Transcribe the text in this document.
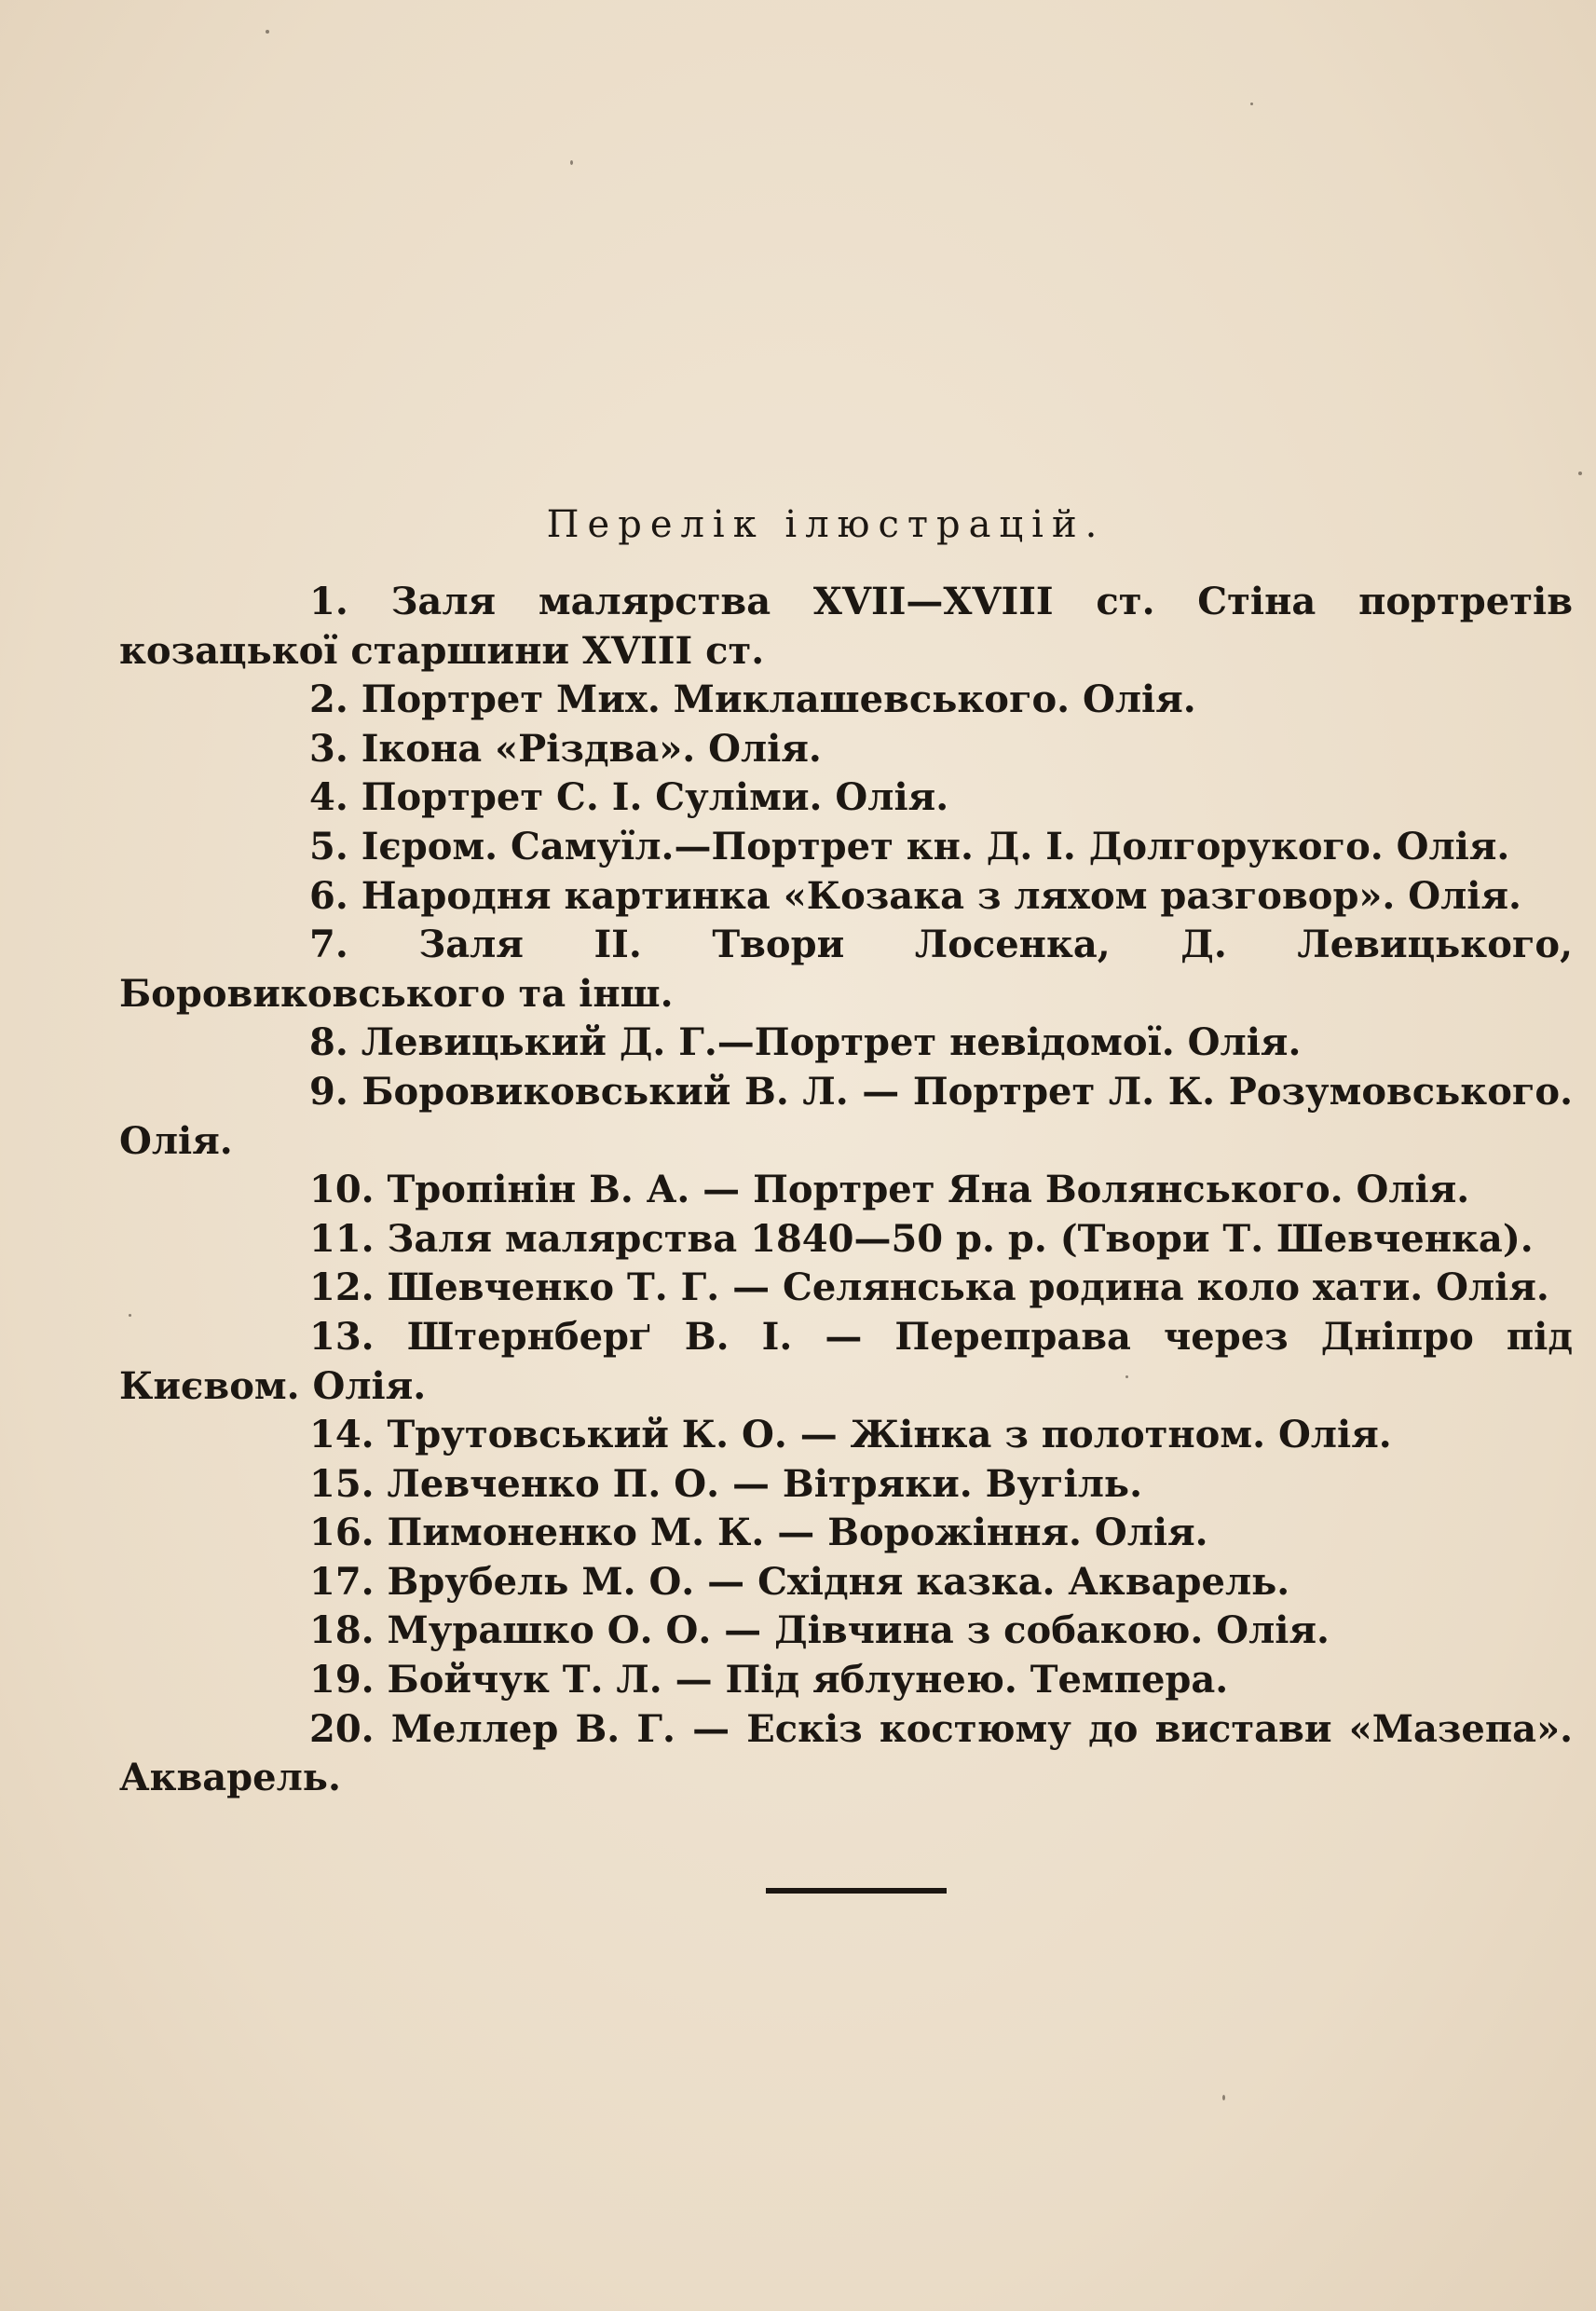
Перелік ілюстрацій.
1. Заля малярства XVII—XVIII ст. Стіна портретів козацької старшини XVIII ст.
2. Портрет Мих. Миклашевського. Олія.
3. Ікона «Різдва». Олія.
4. Портрет С. І. Суліми. Олія.
5. Ієром. Самуїл.—Портрет кн. Д. І. Долгорукого. Олія.
6. Народня картинка «Козака з ляхом разговор». Олія.
7. Заля II. Твори Лосенка, Д. Левицького, Боровиковського та інш.
8. Левицький Д. Г.—Портрет невідомої. Олія.
9. Боровиковський В. Л. — Портрет Л. К. Розумовського. Олія.
10. Тропінін В. А. — Портрет Яна Волянського. Олія.
11. Заля малярства 1840—50 р. р. (Твори Т. Шевченка).
12. Шевченко Т. Г. — Селянська родина коло хати. Олія.
13. Штернберґ В. І. — Переправа через Дніпро під Києвом. Олія.
14. Трутовський К. О. — Жінка з полотном. Олія.
15. Левченко П. О. — Вітряки. Вугіль.
16. Пимоненко М. К. — Ворожіння. Олія.
17. Врубель М. О. — Східня казка. Акварель.
18. Мурашко О. О. — Дівчина з собакою. Олія.
19. Бойчук Т. Л. — Під яблунею. Темпера.
20. Меллер В. Г. — Ескіз костюму до вистави «Мазепа». Акварель.
